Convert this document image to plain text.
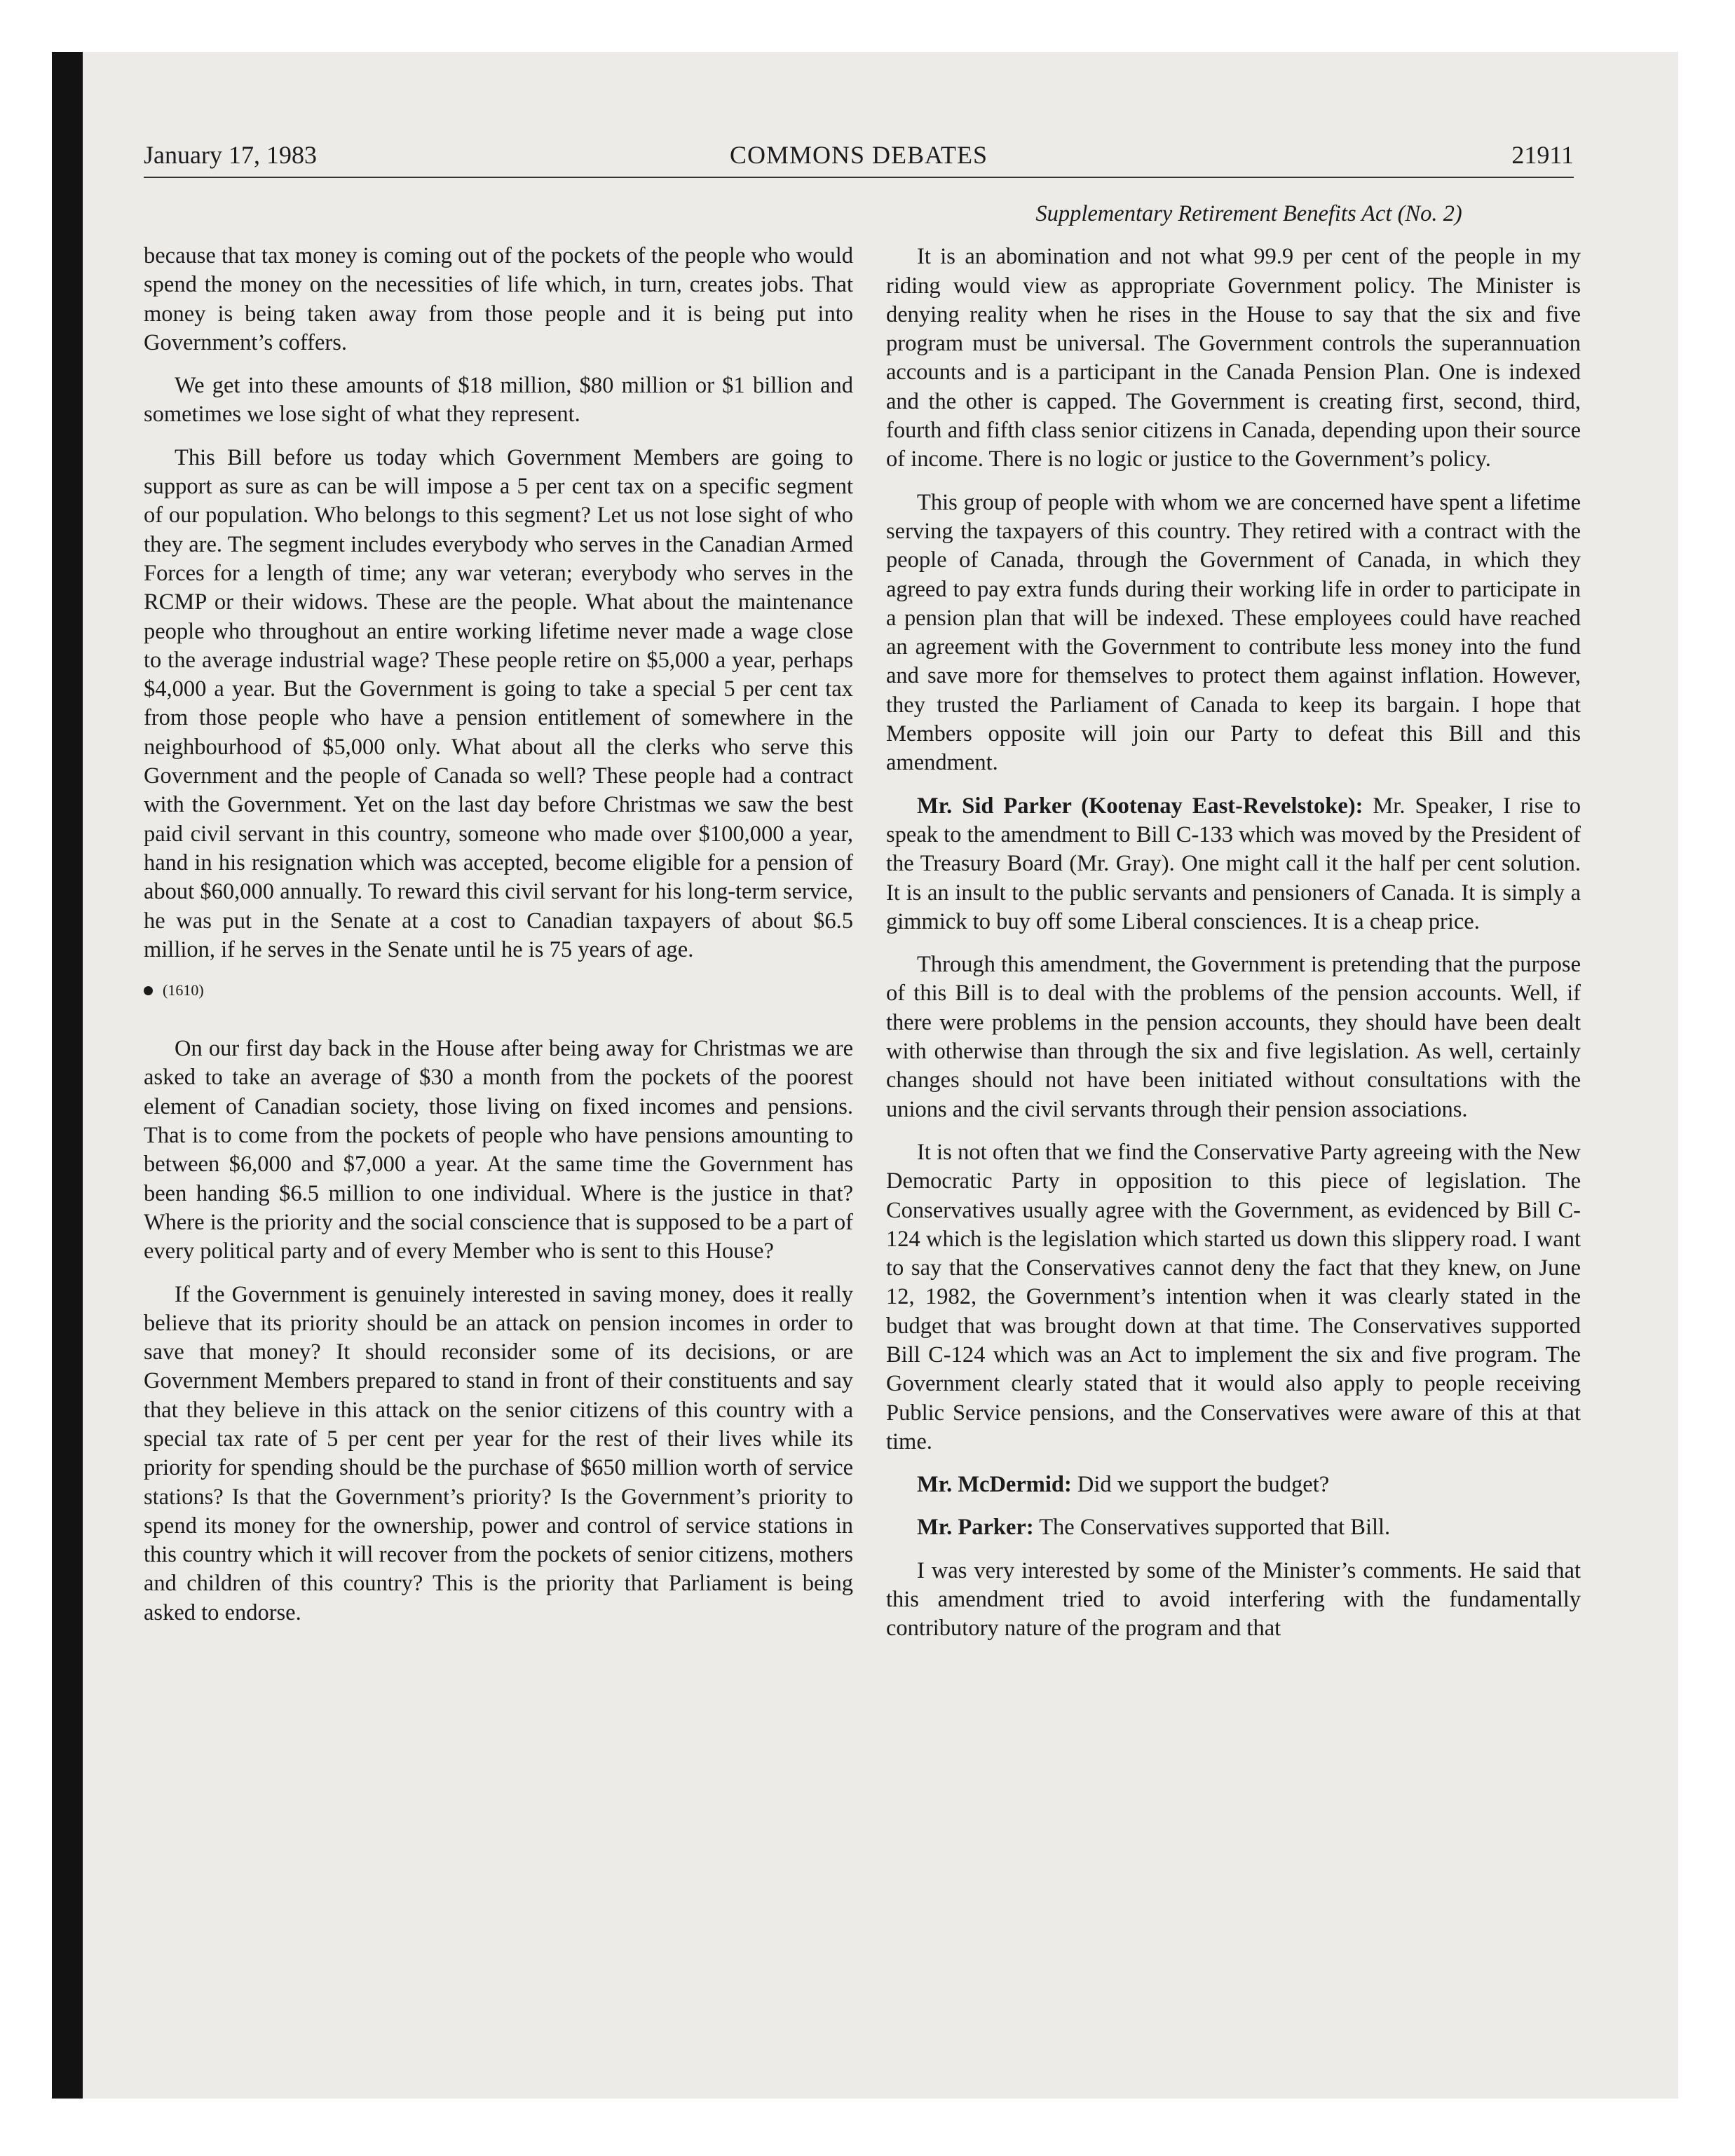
January 17, 1983	COMMONS DEBATES	21911

because that tax money is coming out of the pockets of the people who would spend the money on the necessities of life which, in turn, creates jobs. That money is being taken away from those people and it is being put into Government’s coffers.

We get into these amounts of $18 million, $80 million or $1 billion and sometimes we lose sight of what they represent.

This Bill before us today which Government Members are going to support as sure as can be will impose a 5 per cent tax on a specific segment of our population. Who belongs to this segment? Let us not lose sight of who they are. The segment includes everybody who serves in the Canadian Armed Forces for a length of time; any war veteran; everybody who serves in the RCMP or their widows. These are the people. What about the maintenance people who throughout an entire working lifetime never made a wage close to the average industrial wage? These people retire on $5,000 a year, perhaps $4,000 a year. But the Government is going to take a special 5 per cent tax from those people who have a pension entitlement of somewhere in the neighbourhood of $5,000 only. What about all the clerks who serve this Government and the people of Canada so well? These people had a contract with the Government. Yet on the last day before Christmas we saw the best paid civil servant in this country, someone who made over $100,000 a year, hand in his resignation which was accepted, become eligible for a pension of about $60,000 annually. To reward this civil servant for his long-term service, he was put in the Senate at a cost to Canadian taxpayers of about $6.5 million, if he serves in the Senate until he is 75 years of age.

(1610)

On our first day back in the House after being away for Christmas we are asked to take an average of $30 a month from the pockets of the poorest element of Canadian society, those living on fixed incomes and pensions. That is to come from the pockets of people who have pensions amounting to between $6,000 and $7,000 a year. At the same time the Government has been handing $6.5 million to one individual. Where is the justice in that? Where is the priority and the social conscience that is supposed to be a part of every political party and of every Member who is sent to this House?

If the Government is genuinely interested in saving money, does it really believe that its priority should be an attack on pension incomes in order to save that money? It should reconsider some of its decisions, or are Government Members prepared to stand in front of their constituents and say that they believe in this attack on the senior citizens of this country with a special tax rate of 5 per cent per year for the rest of their lives while its priority for spending should be the purchase of $650 million worth of service stations? Is that the Government’s priority? Is the Government’s priority to spend its money for the ownership, power and control of service stations in this country which it will recover from the pockets of senior citizens, mothers and children of this country? This is the priority that Parliament is being asked to endorse.

Supplementary Retirement Benefits Act (No. 2)

It is an abomination and not what 99.9 per cent of the people in my riding would view as appropriate Government policy. The Minister is denying reality when he rises in the House to say that the six and five program must be universal. The Government controls the superannuation accounts and is a participant in the Canada Pension Plan. One is indexed and the other is capped. The Government is creating first, second, third, fourth and fifth class senior citizens in Canada, depending upon their source of income. There is no logic or justice to the Government’s policy.

This group of people with whom we are concerned have spent a lifetime serving the taxpayers of this country. They retired with a contract with the people of Canada, through the Government of Canada, in which they agreed to pay extra funds during their working life in order to participate in a pension plan that will be indexed. These employees could have reached an agreement with the Government to contribute less money into the fund and save more for themselves to protect them against inflation. However, they trusted the Parliament of Canada to keep its bargain. I hope that Members opposite will join our Party to defeat this Bill and this amendment.

Mr. Sid Parker (Kootenay East-Revelstoke): Mr. Speaker, I rise to speak to the amendment to Bill C-133 which was moved by the President of the Treasury Board (Mr. Gray). One might call it the half per cent solution. It is an insult to the public servants and pensioners of Canada. It is simply a gimmick to buy off some Liberal consciences. It is a cheap price.

Through this amendment, the Government is pretending that the purpose of this Bill is to deal with the problems of the pension accounts. Well, if there were problems in the pension accounts, they should have been dealt with otherwise than through the six and five legislation. As well, certainly changes should not have been initiated without consultations with the unions and the civil servants through their pension associations.

It is not often that we find the Conservative Party agreeing with the New Democratic Party in opposition to this piece of legislation. The Conservatives usually agree with the Government, as evidenced by Bill C-124 which is the legislation which started us down this slippery road. I want to say that the Conservatives cannot deny the fact that they knew, on June 12, 1982, the Government’s intention when it was clearly stated in the budget that was brought down at that time. The Conservatives supported Bill C-124 which was an Act to implement the six and five program. The Government clearly stated that it would also apply to people receiving Public Service pensions, and the Conservatives were aware of this at that time.

Mr. McDermid: Did we support the budget?

Mr. Parker: The Conservatives supported that Bill.

I was very interested by some of the Minister’s comments. He said that this amendment tried to avoid interfering with the fundamentally contributory nature of the program and that
